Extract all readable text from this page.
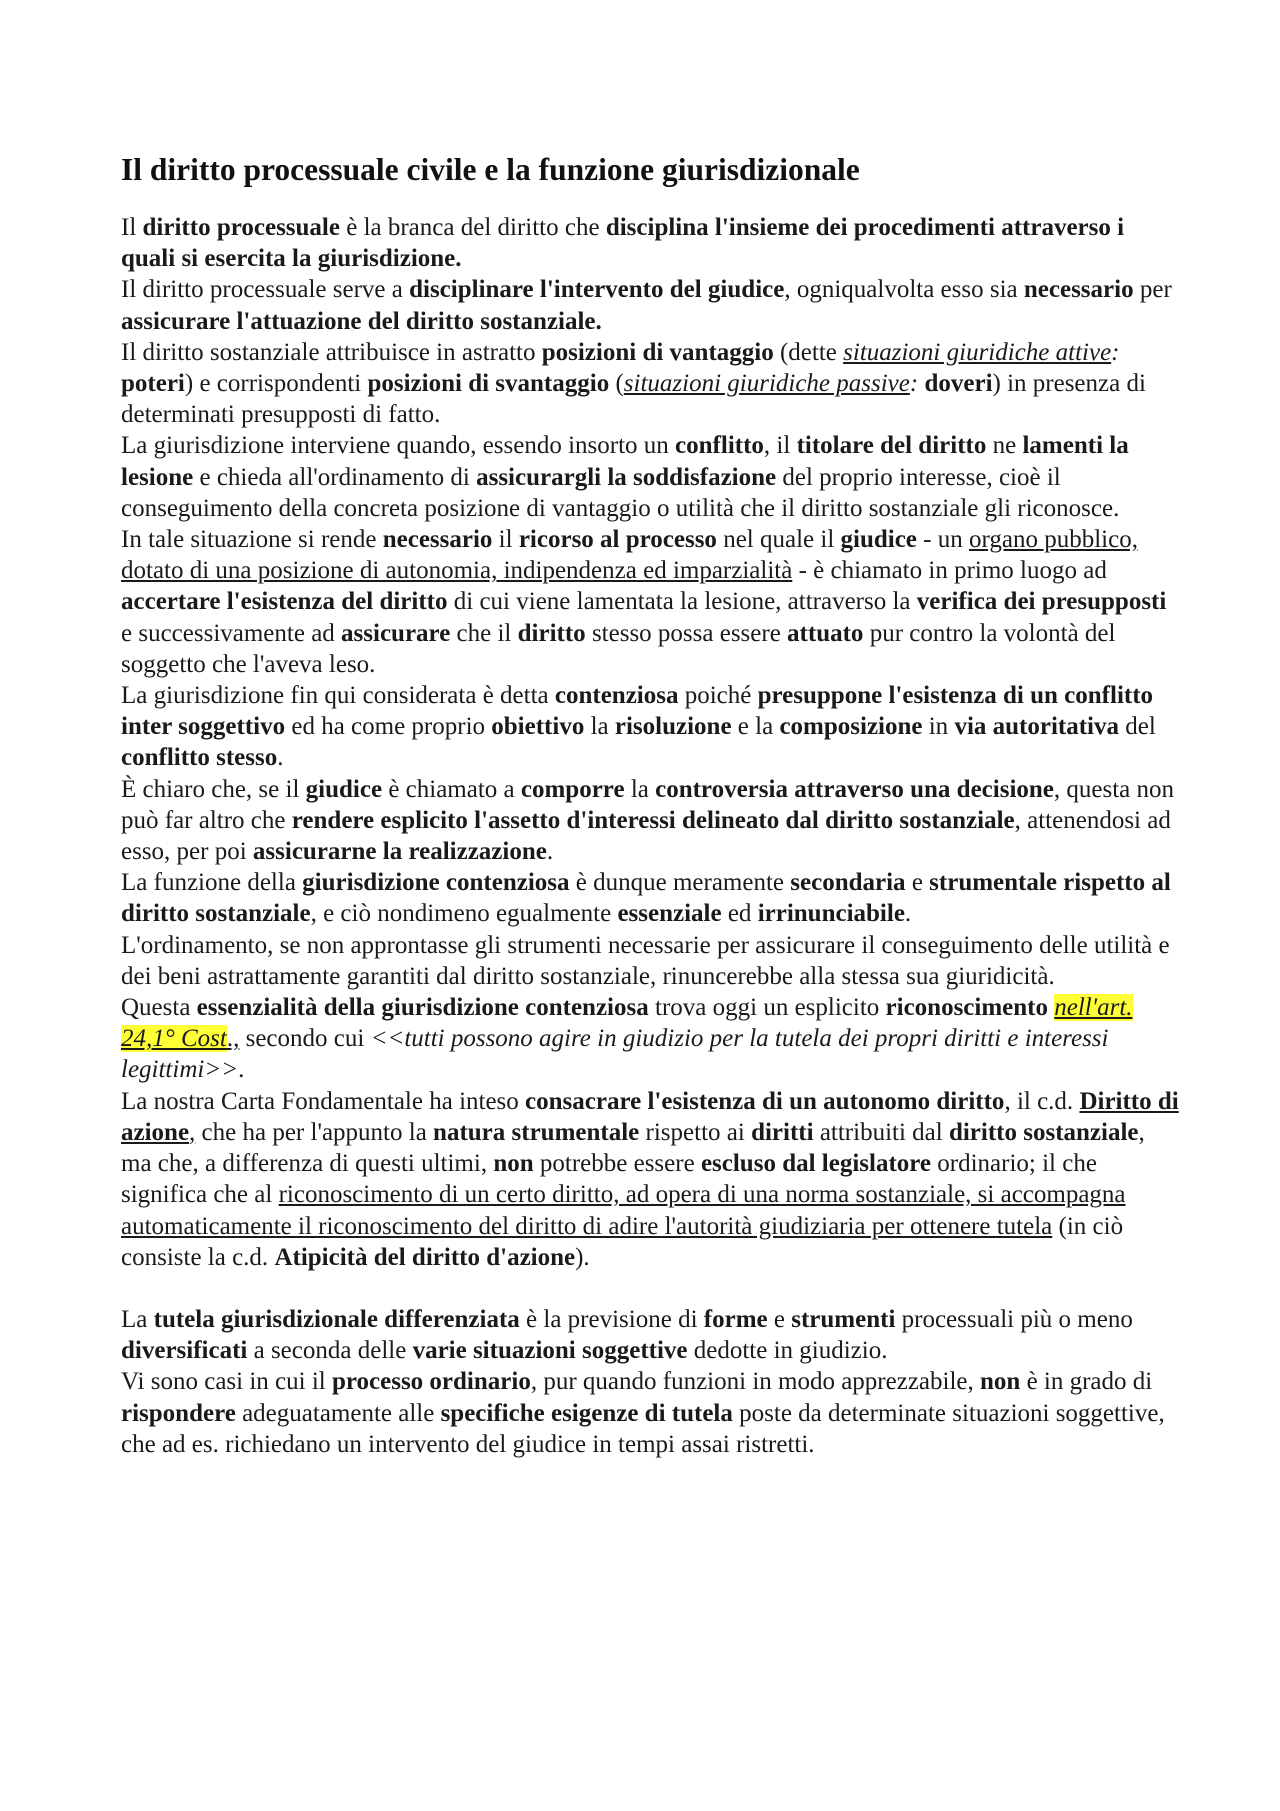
Il diritto processuale civile e la funzione giurisdizionale

Il diritto processuale è la branca del diritto che disciplina l'insieme dei procedimenti attraverso i quali si esercita la giurisdizione.

Il diritto processuale serve a disciplinare l'intervento del giudice, ogniqualvolta esso sia necessario per assicurare l'attuazione del diritto sostanziale.

Il diritto sostanziale attribuisce in astratto posizioni di vantaggio (dette situazioni giuridiche attive: poteri) e corrispondenti posizioni di svantaggio (situazioni giuridiche passive: doveri) in presenza di determinati presupposti di fatto.

La giurisdizione interviene quando, essendo insorto un conflitto, il titolare del diritto ne lamenti la lesione e chieda all'ordinamento di assicurargli la soddisfazione del proprio interesse, cioè il conseguimento della concreta posizione di vantaggio o utilità che il diritto sostanziale gli riconosce.

In tale situazione si rende necessario il ricorso al processo nel quale il giudice - un organo pubblico, dotato di una posizione di autonomia, indipendenza ed imparzialità - è chiamato in primo luogo ad accertare l'esistenza del diritto di cui viene lamentata la lesione, attraverso la verifica dei presupposti e successivamente ad assicurare che il diritto stesso possa essere attuato pur contro la volontà del soggetto che l'aveva leso.

La giurisdizione fin qui considerata è detta contenziosa poiché presuppone l'esistenza di un conflitto inter soggettivo ed ha come proprio obiettivo la risoluzione e la composizione in via autoritativa del conflitto stesso.

È chiaro che, se il giudice è chiamato a comporre la controversia attraverso una decisione, questa non può far altro che rendere esplicito l'assetto d'interessi delineato dal diritto sostanziale, attenendosi ad esso, per poi assicurarne la realizzazione.

La funzione della giurisdizione contenziosa è dunque meramente secondaria e strumentale rispetto al diritto sostanziale, e ciò nondimeno egualmente essenziale ed irrinunciabile.

L'ordinamento, se non approntasse gli strumenti necessarie per assicurare il conseguimento delle utilità e dei beni astrattamente garantiti dal diritto sostanziale, rinuncerebbe alla stessa sua giuridicità.

Questa essenzialità della giurisdizione contenziosa trova oggi un esplicito riconoscimento nell'art. 24,1° Cost., secondo cui <<tutti possono agire in giudizio per la tutela dei propri diritti e interessi legittimi>>.

La nostra Carta Fondamentale ha inteso consacrare l'esistenza di un autonomo diritto, il c.d. Diritto di azione, che ha per l'appunto la natura strumentale rispetto ai diritti attribuiti dal diritto sostanziale, ma che, a differenza di questi ultimi, non potrebbe essere escluso dal legislatore ordinario; il che significa che al riconoscimento di un certo diritto, ad opera di una norma sostanziale, si accompagna automaticamente il riconoscimento del diritto di adire l'autorità giudiziaria per ottenere tutela (in ciò consiste la c.d. Atipicità del diritto d'azione).

La tutela giurisdizionale differenziata è la previsione di forme e strumenti processuali più o meno diversificati a seconda delle varie situazioni soggettive dedotte in giudizio.

Vi sono casi in cui il processo ordinario, pur quando funzioni in modo apprezzabile, non è in grado di rispondere adeguatamente alle specifiche esigenze di tutela poste da determinate situazioni soggettive, che ad es. richiedano un intervento del giudice in tempi assai ristretti.
